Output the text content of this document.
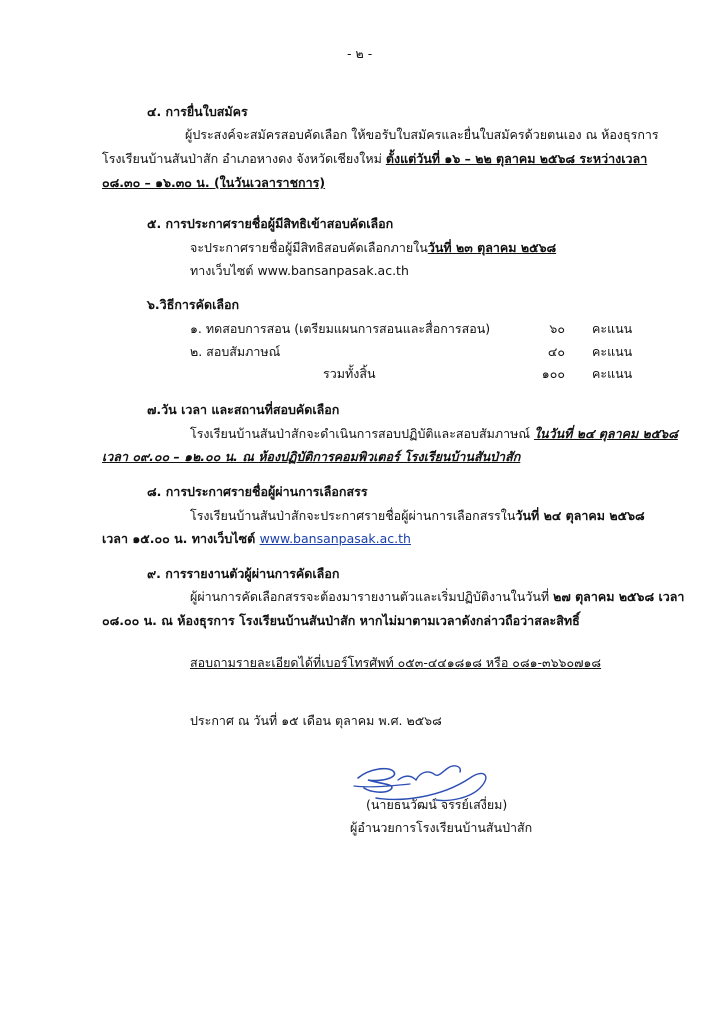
- ๒ -
๔. การยื่นใบสมัคร
ผู้ประสงค์จะสมัครสอบคัดเลือก ให้ขอรับใบสมัครและยื่นใบสมัครด้วยตนเอง ณ ห้องธุรการ
โรงเรียนบ้านสันป่าสัก อำเภอหางดง จังหวัดเชียงใหม่ ตั้งแต่วันที่ ๑๖ – ๒๒ ตุลาคม ๒๕๖๘ ระหว่างเวลา
๐๘.๓๐ – ๑๖.๓๐ น. (ในวันเวลาราชการ)
๕. การประกาศรายชื่อผู้มีสิทธิเข้าสอบคัดเลือก
จะประกาศรายชื่อผู้มีสิทธิสอบคัดเลือกภายในวันที่ ๒๓ ตุลาคม ๒๕๖๘
ทางเว็บไซต์ www.bansanpasak.ac.th
๖.วิธีการคัดเลือก
๑. ทดสอบการสอน (เตรียมแผนการสอนและสื่อการสอน)	๖๐ คะแนน
๒. สอบสัมภาษณ์	๔๐ คะแนน
รวมทั้งสิ้น	๑๐๐ คะแนน
๗.วัน เวลา และสถานที่สอบคัดเลือก
โรงเรียนบ้านสันป่าสักจะดำเนินการสอบปฏิบัติและสอบสัมภาษณ์ ในวันที่ ๒๔ ตุลาคม ๒๕๖๘
เวลา ๐๙.๐๐ – ๑๒.๐๐ น. ณ ห้องปฏิบัติการคอมพิวเตอร์ โรงเรียนบ้านสันป่าสัก
๘. การประกาศรายชื่อผู้ผ่านการเลือกสรร
โรงเรียนบ้านสันป่าสักจะประกาศรายชื่อผู้ผ่านการเลือกสรรในวันที่ ๒๔ ตุลาคม ๒๕๖๘
เวลา ๑๕.๐๐ น. ทางเว็บไซต์ www.bansanpasak.ac.th
๙. การรายงานตัวผู้ผ่านการคัดเลือก
ผู้ผ่านการคัดเลือกสรรจะต้องมารายงานตัวและเริ่มปฏิบัติงานในวันที่ ๒๗ ตุลาคม ๒๕๖๘ เวลา
๐๘.๐๐ น. ณ ห้องธุรการ โรงเรียนบ้านสันป่าสัก หากไม่มาตามเวลาดังกล่าวถือว่าสละสิทธิ์
สอบถามรายละเอียดได้ที่เบอร์โทรศัพท์ ๐๕๓-๔๔๑๘๑๘ หรือ ๐๘๑-๓๖๖๐๗๑๘
ประกาศ ณ วันที่ ๑๕ เดือน ตุลาคม พ.ศ. ๒๕๖๘
(นายธนวัฒน์ จรรย์เสงี่ยม)
ผู้อำนวยการโรงเรียนบ้านสันป่าสัก
